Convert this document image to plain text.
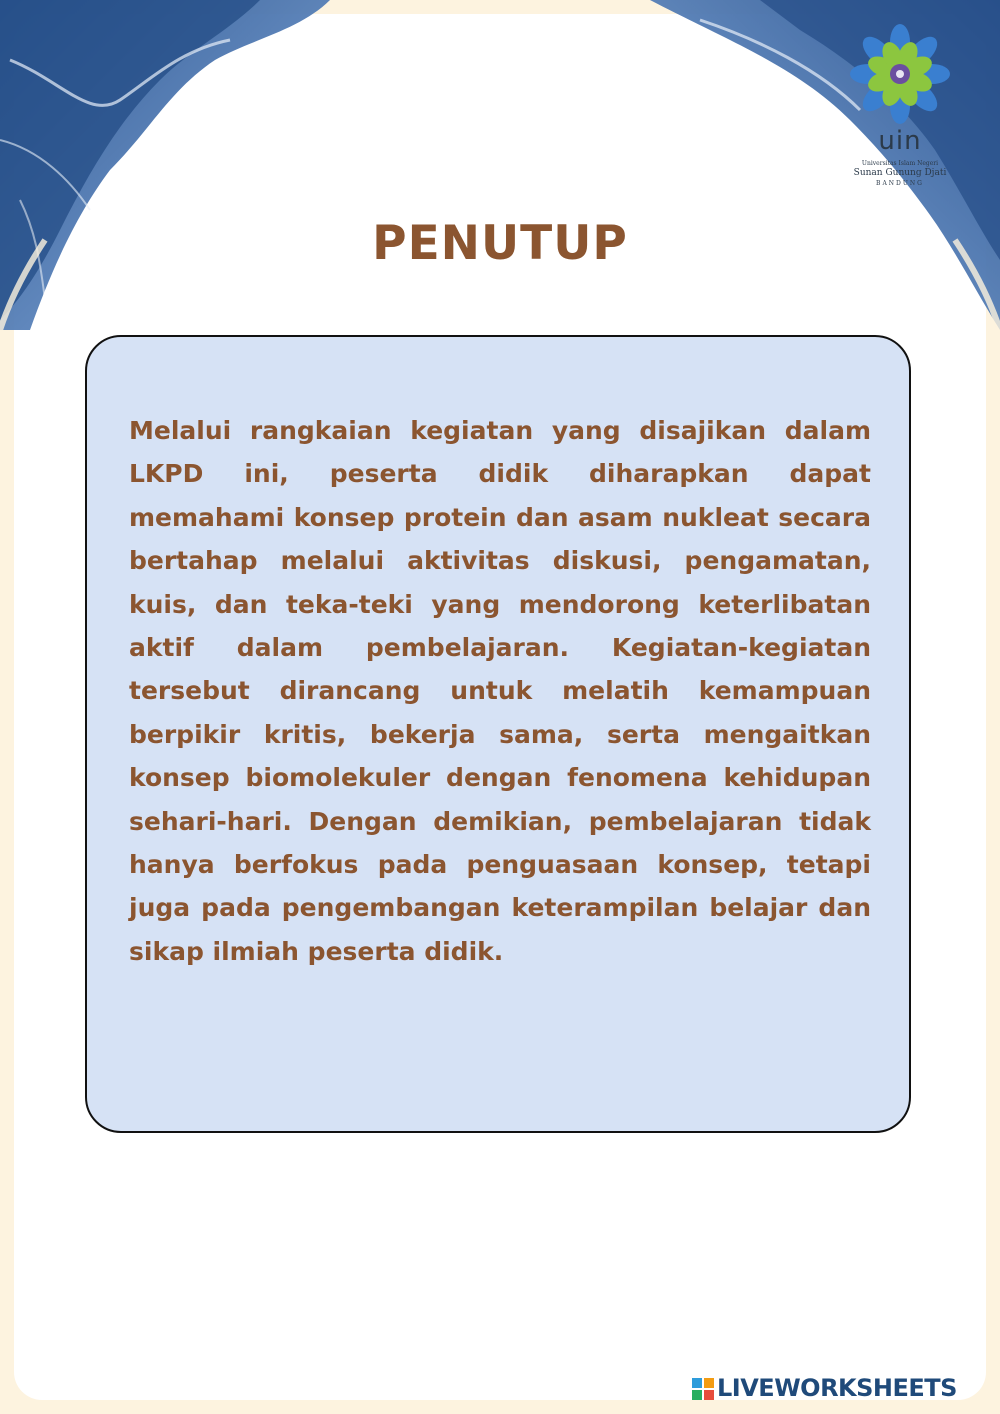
uin
Universitas Islam Negeri
Sunan Gunung Djati
BANDUNG
PENUTUP

Melalui rangkaian kegiatan yang disajikan dalam LKPD ini, peserta didik diharapkan dapat memahami konsep protein dan asam nukleat secara bertahap melalui aktivitas diskusi, pengamatan, kuis, dan teka-teki yang mendorong keterlibatan aktif dalam pembelajaran. Kegiatan-kegiatan tersebut dirancang untuk melatih kemampuan berpikir kritis, bekerja sama, serta mengaitkan konsep biomolekuler dengan fenomena kehidupan sehari-hari. Dengan demikian, pembelajaran tidak hanya berfokus pada penguasaan konsep, tetapi juga pada pengembangan keterampilan belajar dan sikap ilmiah peserta didik.

LIVEWORKSHEETS
